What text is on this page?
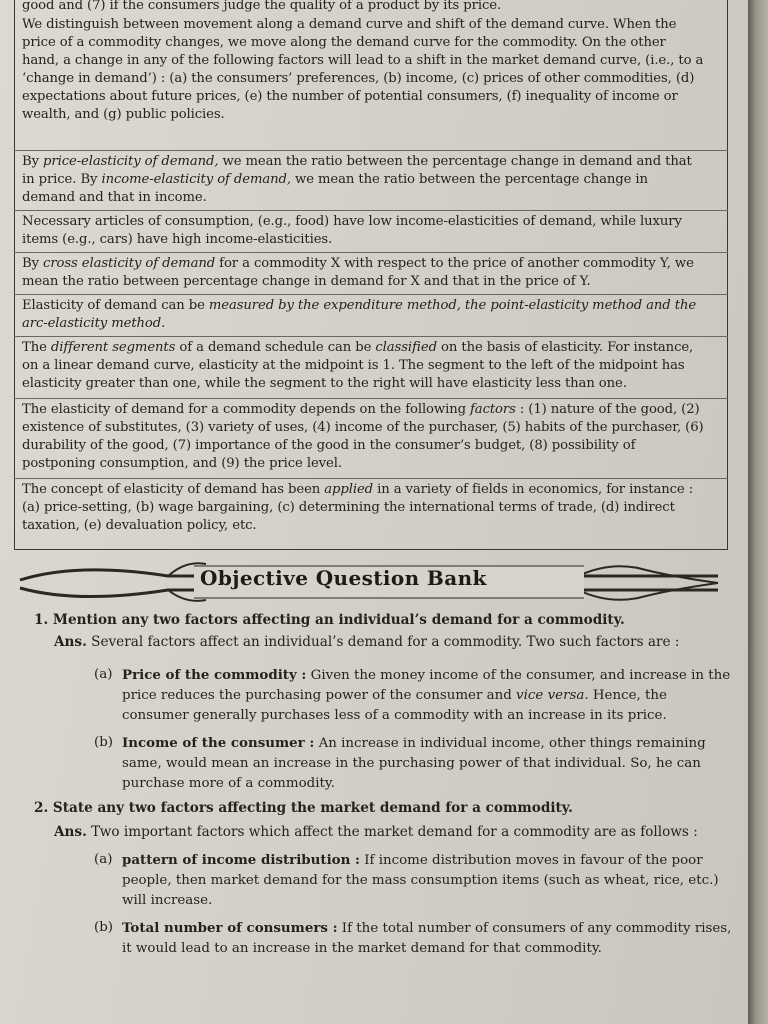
good and (7) if the consumers judge the quality of a product by its price.

We distinguish between movement along a demand curve and shift of the demand curve. When the price of a commodity changes, we move along the demand curve for the commodity. On the other hand, a change in any of the following factors will lead to a shift in the market demand curve, (i.e., to a ‘change in demand’) : (a) the consumers’ preferences, (b) income, (c) prices of other commodities, (d) expectations about future prices, (e) the number of potential consumers, (f) inequality of income or wealth, and (g) public policies.

By price-elasticity of demand, we mean the ratio between the percentage change in demand and that in price. By income-elasticity of demand, we mean the ratio between the percentage change in demand and that in income.

Necessary articles of consumption, (e.g., food) have low income-elasticities of demand, while luxury items (e.g., cars) have high income-elasticities.

By cross elasticity of demand for a commodity X with respect to the price of another commodity Y, we mean the ratio between percentage change in demand for X and that in the price of Y.

Elasticity of demand can be measured by the expenditure method, the point-elasticity method and the arc-elasticity method.

The different segments of a demand schedule can be classified on the basis of elasticity. For instance, on a linear demand curve, elasticity at the midpoint is 1. The segment to the left of the midpoint has elasticity greater than one, while the segment to the right will have elasticity less than one.

The elasticity of demand for a commodity depends on the following factors : (1) nature of the good, (2) existence of substitutes, (3) variety of uses, (4) income of the purchaser, (5) habits of the purchaser, (6) durability of the good, (7) importance of the good in the consumer’s budget, (8) possibility of postponing consumption, and (9) the price level.

The concept of elasticity of demand has been applied in a variety of fields in economics, for instance : (a) price-setting, (b) wage bargaining, (c) determining the international terms of trade, (d) indirect taxation, (e) devaluation policy, etc.

Objective Question Bank
1. Mention any two factors affecting an individual’s demand for a commodity.
Ans. Several factors affect an individual’s demand for a commodity. Two such factors are :
(a) Price of the commodity : Given the money income of the consumer, and increase in the price reduces the purchasing power of the consumer and vice versa. Hence, the consumer generally purchases less of a commodity with an increase in its price.
(b) Income of the consumer : An increase in individual income, other things remaining same, would mean an increase in the purchasing power of that individual. So, he can purchase more of a commodity.
2. State any two factors affecting the market demand for a commodity.
Ans. Two important factors which affect the market demand for a commodity are as follows :
(a) pattern of income distribution : If income distribution moves in favour of the poor people, then market demand for the mass consumption items (such as wheat, rice, etc.) will increase.
(b) Total number of consumers : If the total number of consumers of any commodity rises, it would lead to an increase in the market demand for that commodity.
